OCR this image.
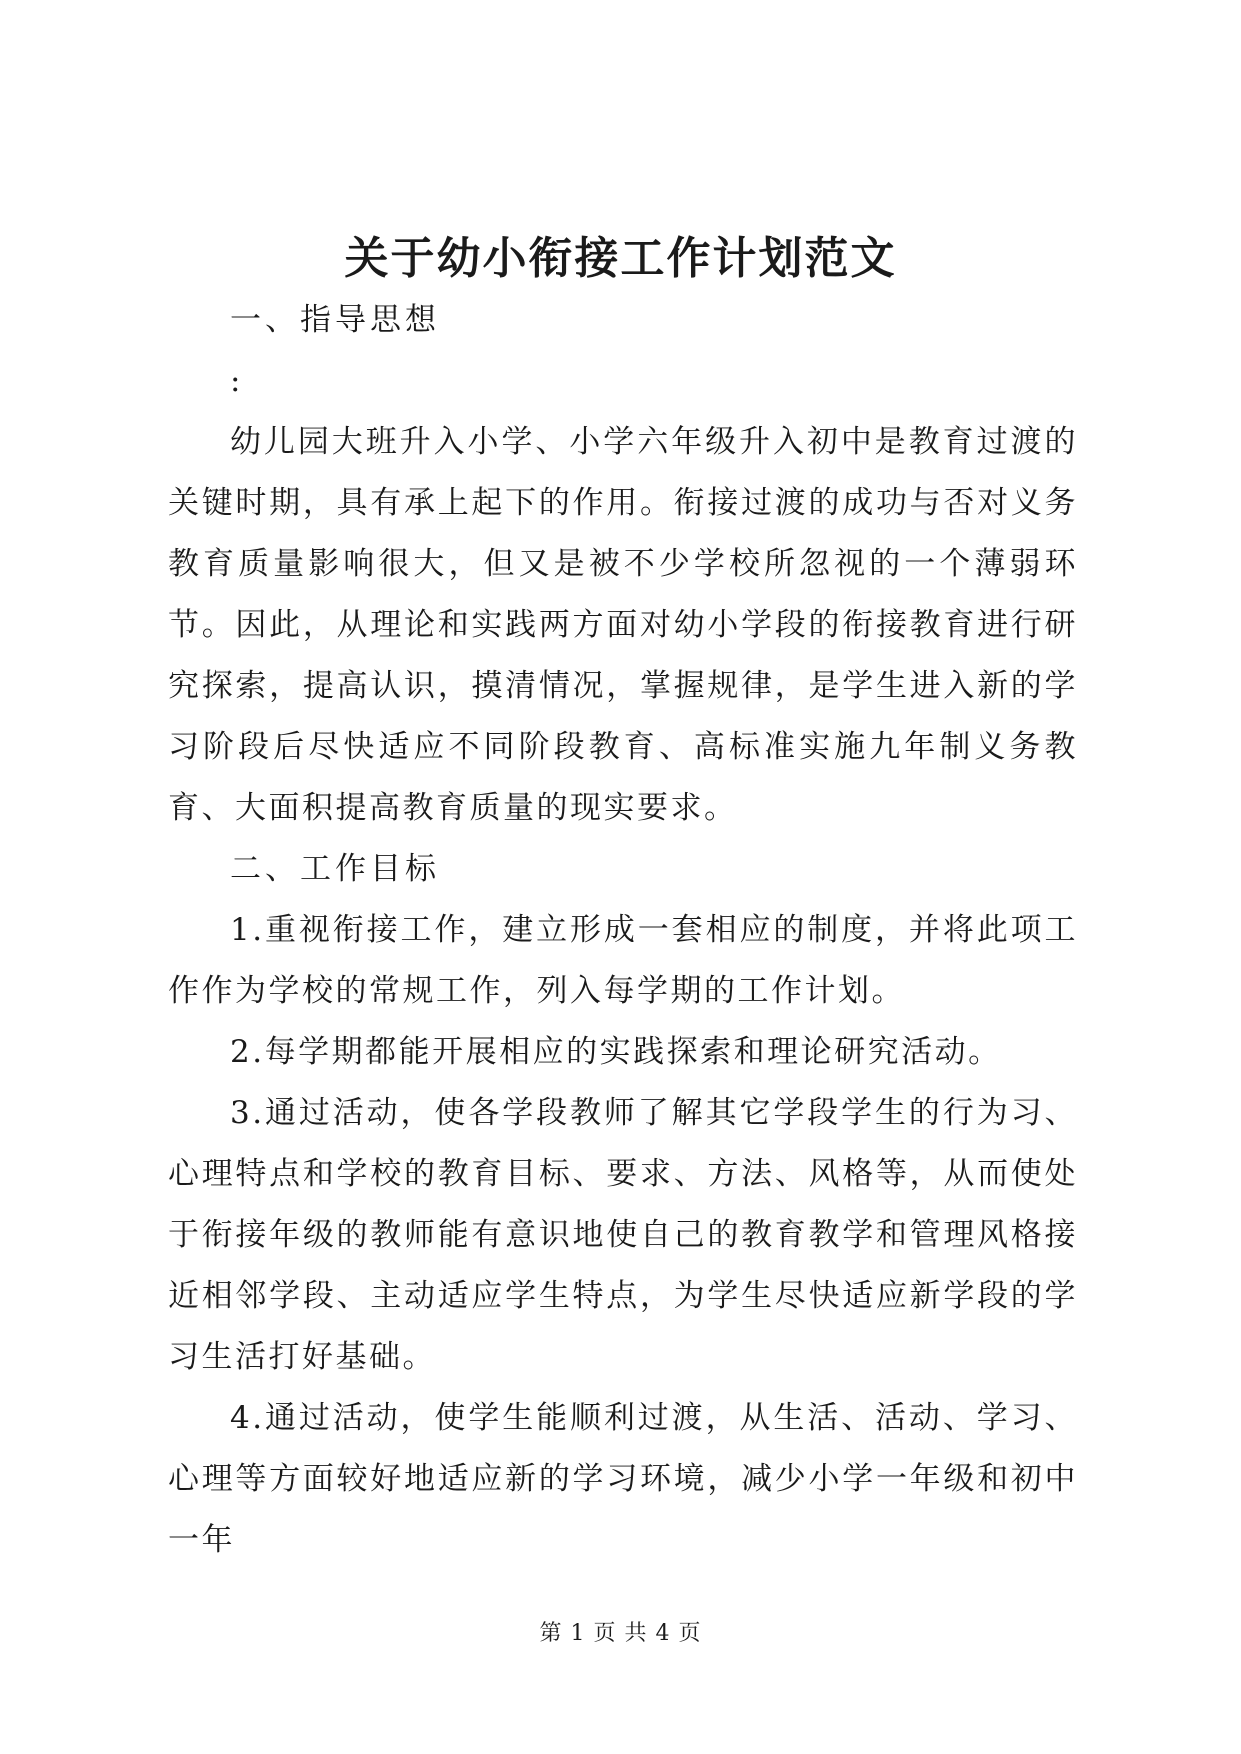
关于幼小衔接工作计划范文

一、指导思想

:

幼儿园大班升入小学、小学六年级升入初中是教育过渡的关键时期，具有承上起下的作用。衔接过渡的成功与否对义务教育质量影响很大，但又是被不少学校所忽视的一个薄弱环节。因此，从理论和实践两方面对幼小学段的衔接教育进行研究探索，提高认识，摸清情况，掌握规律，是学生进入新的学习阶段后尽快适应不同阶段教育、高标准实施九年制义务教育、大面积提高教育质量的现实要求。

二、工作目标

1.重视衔接工作，建立形成一套相应的制度，并将此项工作作为学校的常规工作，列入每学期的工作计划。

2.每学期都能开展相应的实践探索和理论研究活动。

3.通过活动，使各学段教师了解其它学段学生的行为习、心理特点和学校的教育目标、要求、方法、风格等，从而使处于衔接年级的教师能有意识地使自己的教育教学和管理风格接近相邻学段、主动适应学生特点，为学生尽快适应新学段的学习生活打好基础。

4.通过活动，使学生能顺利过渡，从生活、活动、学习、心理等方面较好地适应新的学习环境，减少小学一年级和初中一年

第 1 页 共 4 页
